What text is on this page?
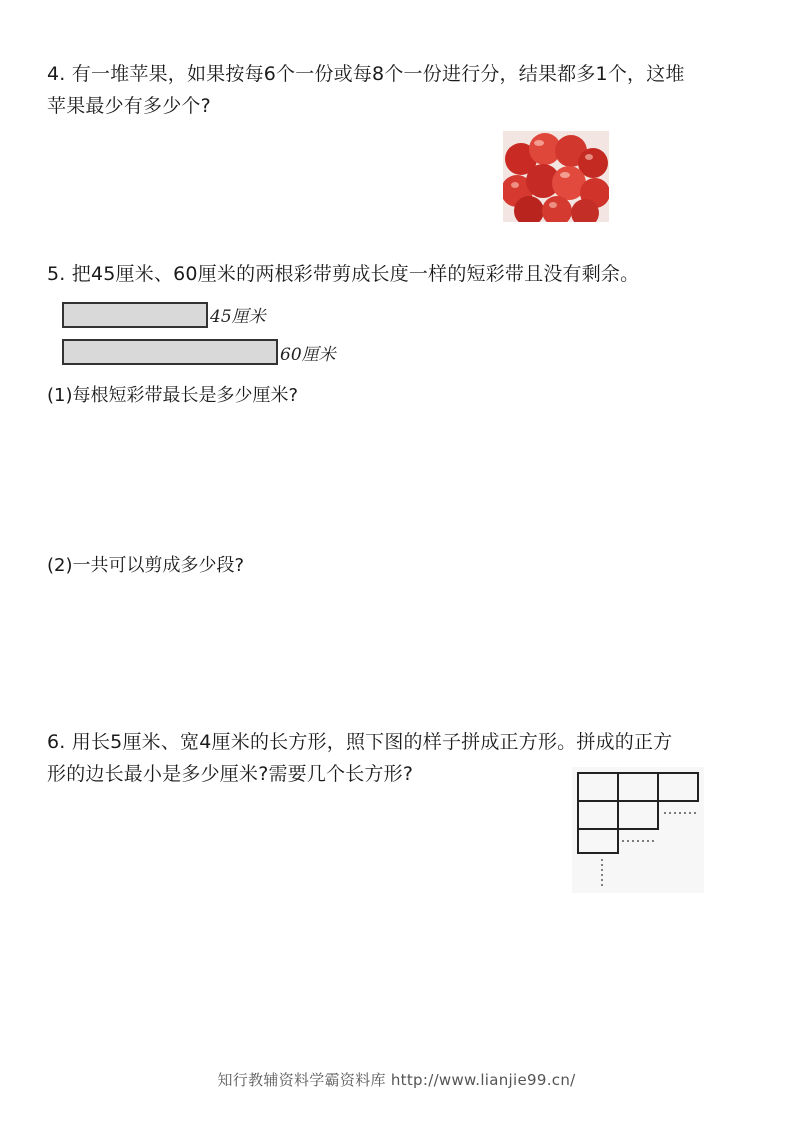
4. 有一堆苹果，如果按每6个一份或每8个一份进行分，结果都多1个，这堆
苹果最少有多少个?
5. 把45厘米、60厘米的两根彩带剪成长度一样的短彩带且没有剩余。
45厘米
60厘米
(1)每根短彩带最长是多少厘米?
(2)一共可以剪成多少段?
6. 用长5厘米、宽4厘米的长方形，照下图的样子拼成正方形。拼成的正方
形的边长最小是多少厘米?需要几个长方形?
知行教辅资料学霸资料库 http://www.lianjie99.cn/
